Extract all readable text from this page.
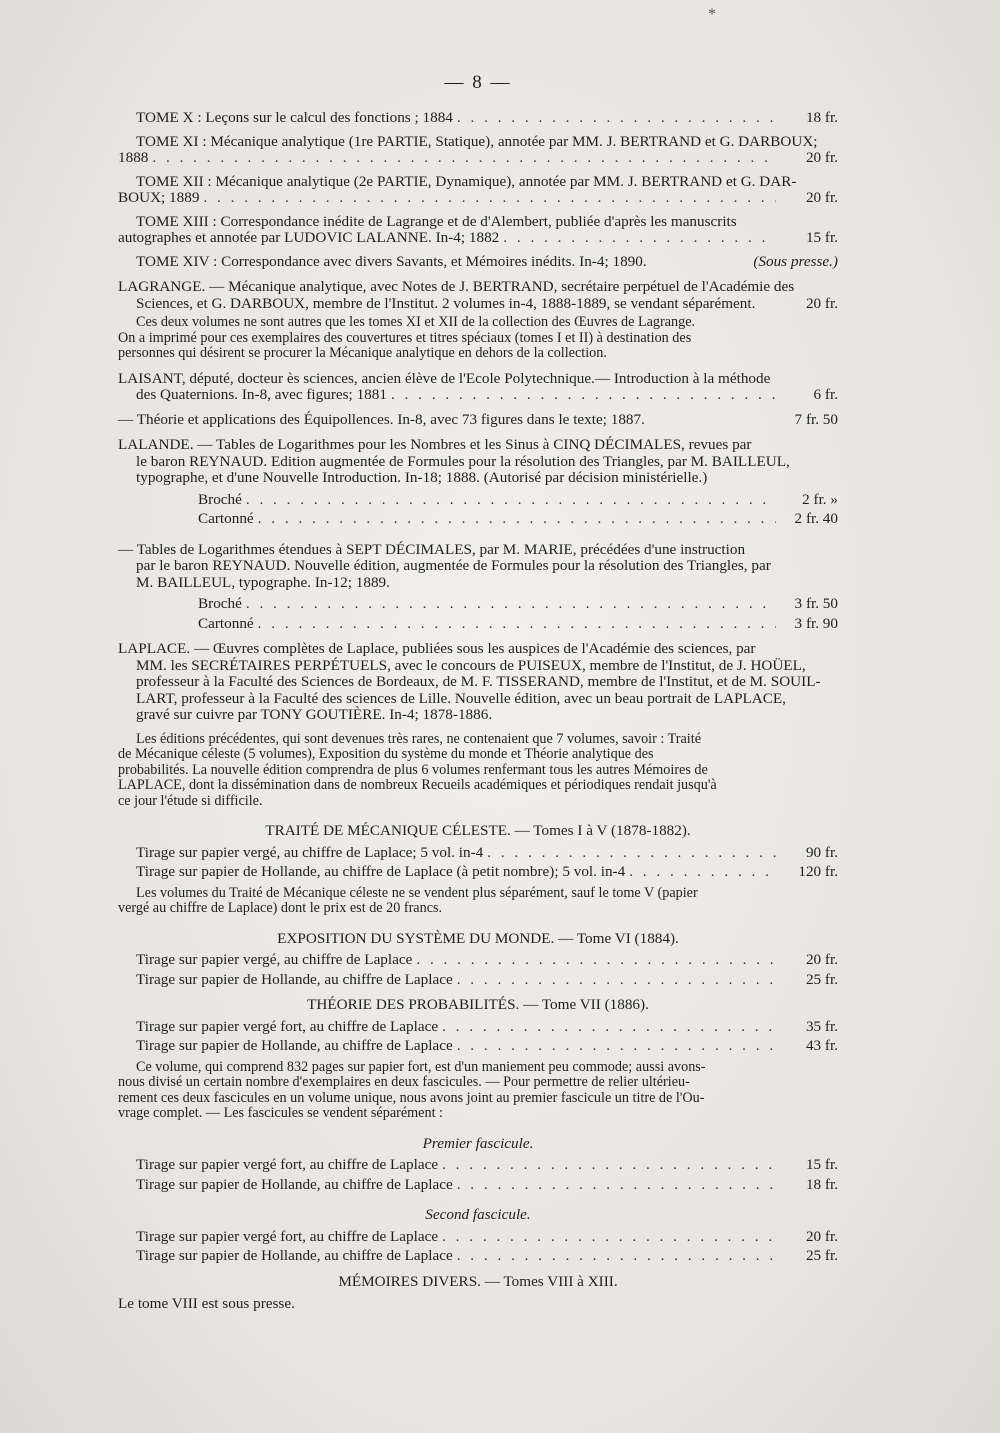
*
— 8 —
TOME X : Leçons sur le calcul des fonctions ; 1884 . . .	18 fr.
TOME XI : Mécanique analytique (1re PARTIE, Statique), annotée par MM. J. BERTRAND et G. DARBOUX;
1888 . . .	20 fr.
TOME XII : Mécanique analytique (2e PARTIE, Dynamique), annotée par MM. J. BERTRAND et G. DAR-
BOUX; 1889 . . .	20 fr.
TOME XIII : Correspondance inédite de Lagrange et de d'Alembert, publiée d'après les manuscrits
autographes et annotée par LUDOVIC LALANNE. In-4; 1882 . . .	15 fr.
TOME XIV : Correspondance avec divers Savants, et Mémoires inédits. In-4; 1890.	(Sous presse.)
LAGRANGE. — Mécanique analytique, avec Notes de J. BERTRAND, secrétaire perpétuel de l'Académie des
Sciences, et G. DARBOUX, membre de l'Institut. 2 volumes in-4, 1888-1889, se vendant séparément.	20 fr.
Ces deux volumes ne sont autres que les tomes XI et XII de la collection des Œuvres de Lagrange.
On a imprimé pour ces exemplaires des couvertures et titres spéciaux (tomes I et II) à destination des
personnes qui désirent se procurer la Mécanique analytique en dehors de la collection.
LAISANT, député, docteur ès sciences, ancien élève de l'Ecole Polytechnique.— Introduction à la méthode
des Quaternions. In-8, avec figures; 1881 . . .	6 fr.
— Théorie et applications des Équipollences. In-8, avec 73 figures dans le texte; 1887.	7 fr. 50
LALANDE. — Tables de Logarithmes pour les Nombres et les Sinus à CINQ DÉCIMALES, revues par
le baron REYNAUD. Edition augmentée de Formules pour la résolution des Triangles, par M. BAILLEUL,
typographe, et d'une Nouvelle Introduction. In-18; 1888. (Autorisé par décision ministérielle.)
Broché . . .	2 fr. »
Cartonné . . .	2 fr. 40
— Tables de Logarithmes étendues à SEPT DÉCIMALES, par M. MARIE, précédées d'une instruction
par le baron REYNAUD. Nouvelle édition, augmentée de Formules pour la résolution des Triangles, par
M. BAILLEUL, typographe. In-12; 1889.
Broché . . .	3 fr. 50
Cartonné . . .	3 fr. 90
LAPLACE. — Œuvres complètes de Laplace, publiées sous les auspices de l'Académie des sciences, par
MM. les SECRÉTAIRES PERPÉTUELS, avec le concours de PUISEUX, membre de l'Institut, de J. HOÜEL,
professeur à la Faculté des Sciences de Bordeaux, de M. F. TISSERAND, membre de l'Institut, et de M. SOUIL-
LART, professeur à la Faculté des sciences de Lille. Nouvelle édition, avec un beau portrait de LAPLACE,
gravé sur cuivre par TONY GOUTIÈRE. In-4; 1878-1886.
Les éditions précédentes, qui sont devenues très rares, ne contenaient que 7 volumes, savoir : Traité
de Mécanique céleste (5 volumes), Exposition du système du monde et Théorie analytique des
probabilités. La nouvelle édition comprendra de plus 6 volumes renfermant tous les autres Mémoires de
LAPLACE, dont la dissémination dans de nombreux Recueils académiques et périodiques rendait jusqu'à
ce jour l'étude si difficile.
TRAITÉ DE MÉCANIQUE CÉLESTE. — Tomes I à V (1878-1882).
Tirage sur papier vergé, au chiffre de Laplace; 5 vol. in-4 . . .	90 fr.
Tirage sur papier de Hollande, au chiffre de Laplace (à petit nombre); 5 vol. in-4 . . .	120 fr.
Les volumes du Traité de Mécanique céleste ne se vendent plus séparément, sauf le tome V (papier
vergé au chiffre de Laplace) dont le prix est de 20 francs.
EXPOSITION DU SYSTÈME DU MONDE. — Tome VI (1884).
Tirage sur papier vergé, au chiffre de Laplace . . .	20 fr.
Tirage sur papier de Hollande, au chiffre de Laplace . . .	25 fr.
THÉORIE DES PROBABILITÉS. — Tome VII (1886).
Tirage sur papier vergé fort, au chiffre de Laplace . . .	35 fr.
Tirage sur papier de Hollande, au chiffre de Laplace . . .	43 fr.
Ce volume, qui comprend 832 pages sur papier fort, est d'un maniement peu commode; aussi avons-
nous divisé un certain nombre d'exemplaires en deux fascicules. — Pour permettre de relier ultérieu-
rement ces deux fascicules en un volume unique, nous avons joint au premier fascicule un titre de l'Ou-
vrage complet. — Les fascicules se vendent séparément :
Premier fascicule.
Tirage sur papier vergé fort, au chiffre de Laplace . . .	15 fr.
Tirage sur papier de Hollande, au chiffre de Laplace . . .	18 fr.
Second fascicule.
Tirage sur papier vergé fort, au chiffre de Laplace . . .	20 fr.
Tirage sur papier de Hollande, au chiffre de Laplace . . .	25 fr.
MÉMOIRES DIVERS. — Tomes VIII à XIII.
Le tome VIII est sous presse.
